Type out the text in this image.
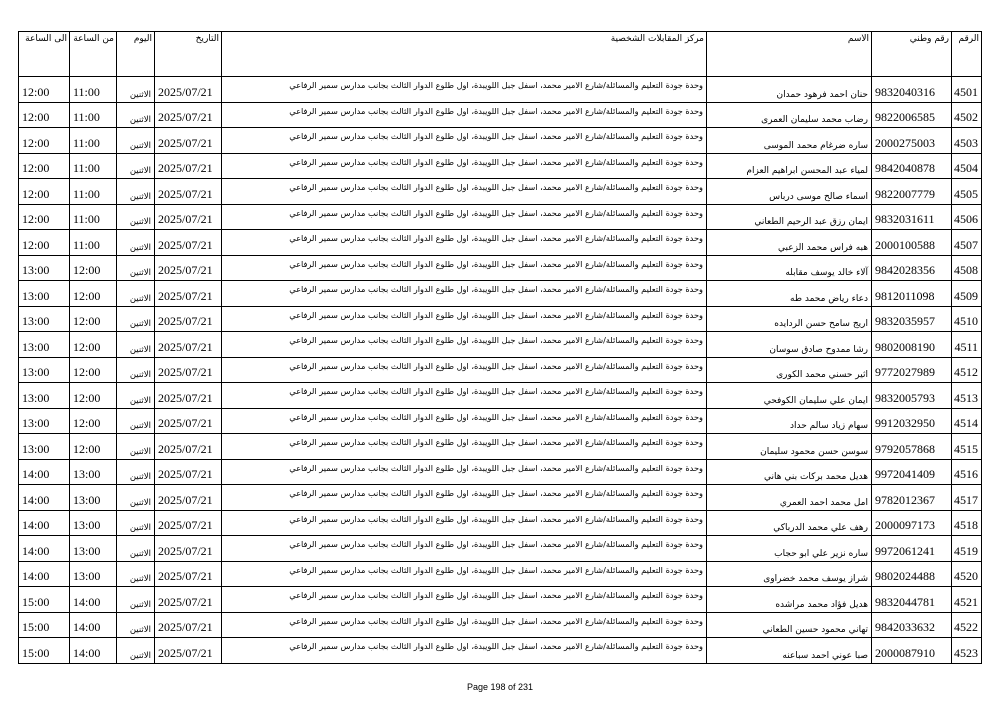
الرقم	رقم وطني	الاسم	مركز المقابلات الشخصية	التاريخ	اليوم	من الساعة	الى الساعة
4501	9832040316	حنان احمد فرهود حمدان	وحدة جودة التعليم والمسائلة/شارع الامير محمد، اسفل جبل اللويبدة، اول طلوع الدوار الثالث بجانب مدارس سمير الرفاعي	2025/07/21	الاثنين	11:00	12:00
4502	9822006585	رضاب محمد سليمان العمرى	وحدة جودة التعليم والمسائلة/شارع الامير محمد، اسفل جبل اللويبدة، اول طلوع الدوار الثالث بجانب مدارس سمير الرفاعي	2025/07/21	الاثنين	11:00	12:00
4503	2000275003	ساره ضرغام محمد الموسى	وحدة جودة التعليم والمسائلة/شارع الامير محمد، اسفل جبل اللويبدة، اول طلوع الدوار الثالث بجانب مدارس سمير الرفاعي	2025/07/21	الاثنين	11:00	12:00
4504	9842040878	لمياء عبد المحسن ابراهيم العزام	وحدة جودة التعليم والمسائلة/شارع الامير محمد، اسفل جبل اللويبدة، اول طلوع الدوار الثالث بجانب مدارس سمير الرفاعي	2025/07/21	الاثنين	11:00	12:00
4505	9822007779	اسماء صالح موسى درباس	وحدة جودة التعليم والمسائلة/شارع الامير محمد، اسفل جبل اللويبدة، اول طلوع الدوار الثالث بجانب مدارس سمير الرفاعي	2025/07/21	الاثنين	11:00	12:00
4506	9832031611	ايمان رزق عبد الرحيم الطعاني	وحدة جودة التعليم والمسائلة/شارع الامير محمد، اسفل جبل اللويبدة، اول طلوع الدوار الثالث بجانب مدارس سمير الرفاعي	2025/07/21	الاثنين	11:00	12:00
4507	2000100588	هبه فراس محمد الزعبي	وحدة جودة التعليم والمسائلة/شارع الامير محمد، اسفل جبل اللويبدة، اول طلوع الدوار الثالث بجانب مدارس سمير الرفاعي	2025/07/21	الاثنين	11:00	12:00
4508	9842028356	آلاء خالد يوسف مقابله	وحدة جودة التعليم والمسائلة/شارع الامير محمد، اسفل جبل اللويبدة، اول طلوع الدوار الثالث بجانب مدارس سمير الرفاعي	2025/07/21	الاثنين	12:00	13:00
4509	9812011098	دعاء رياض محمد طه	وحدة جودة التعليم والمسائلة/شارع الامير محمد، اسفل جبل اللويبدة، اول طلوع الدوار الثالث بجانب مدارس سمير الرفاعي	2025/07/21	الاثنين	12:00	13:00
4510	9832035957	اريج سامح حسن الردايده	وحدة جودة التعليم والمسائلة/شارع الامير محمد، اسفل جبل اللويبدة، اول طلوع الدوار الثالث بجانب مدارس سمير الرفاعي	2025/07/21	الاثنين	12:00	13:00
4511	9802008190	رشا ممدوح صادق سوسان	وحدة جودة التعليم والمسائلة/شارع الامير محمد، اسفل جبل اللويبدة، اول طلوع الدوار الثالث بجانب مدارس سمير الرفاعي	2025/07/21	الاثنين	12:00	13:00
4512	9772027989	اثير حسني محمد الكورى	وحدة جودة التعليم والمسائلة/شارع الامير محمد، اسفل جبل اللويبدة، اول طلوع الدوار الثالث بجانب مدارس سمير الرفاعي	2025/07/21	الاثنين	12:00	13:00
4513	9832005793	ايمان علي سليمان الكوفحي	وحدة جودة التعليم والمسائلة/شارع الامير محمد، اسفل جبل اللويبدة، اول طلوع الدوار الثالث بجانب مدارس سمير الرفاعي	2025/07/21	الاثنين	12:00	13:00
4514	9912032950	سهام زياد سالم حداد	وحدة جودة التعليم والمسائلة/شارع الامير محمد، اسفل جبل اللويبدة، اول طلوع الدوار الثالث بجانب مدارس سمير الرفاعي	2025/07/21	الاثنين	12:00	13:00
4515	9792057868	سوسن حسن محمود سليمان	وحدة جودة التعليم والمسائلة/شارع الامير محمد، اسفل جبل اللويبدة، اول طلوع الدوار الثالث بجانب مدارس سمير الرفاعي	2025/07/21	الاثنين	12:00	13:00
4516	9972041409	هديل محمد بركات بني هاني	وحدة جودة التعليم والمسائلة/شارع الامير محمد، اسفل جبل اللويبدة، اول طلوع الدوار الثالث بجانب مدارس سمير الرفاعي	2025/07/21	الاثنين	13:00	14:00
4517	9782012367	امل محمد احمد العمري	وحدة جودة التعليم والمسائلة/شارع الامير محمد، اسفل جبل اللويبدة، اول طلوع الدوار الثالث بجانب مدارس سمير الرفاعي	2025/07/21	الاثنين	13:00	14:00
4518	2000097173	رهف علي محمد الدرباكي	وحدة جودة التعليم والمسائلة/شارع الامير محمد، اسفل جبل اللويبدة، اول طلوع الدوار الثالث بجانب مدارس سمير الرفاعي	2025/07/21	الاثنين	13:00	14:00
4519	9972061241	ساره نزير علي ابو حجاب	وحدة جودة التعليم والمسائلة/شارع الامير محمد، اسفل جبل اللويبدة، اول طلوع الدوار الثالث بجانب مدارس سمير الرفاعي	2025/07/21	الاثنين	13:00	14:00
4520	9802024488	شراز يوسف محمد خضراوى	وحدة جودة التعليم والمسائلة/شارع الامير محمد، اسفل جبل اللويبدة، اول طلوع الدوار الثالث بجانب مدارس سمير الرفاعي	2025/07/21	الاثنين	13:00	14:00
4521	9832044781	هديل فؤاد محمد مراشده	وحدة جودة التعليم والمسائلة/شارع الامير محمد، اسفل جبل اللويبدة، اول طلوع الدوار الثالث بجانب مدارس سمير الرفاعي	2025/07/21	الاثنين	14:00	15:00
4522	9842033632	تهاني محمود حسين الطعاني	وحدة جودة التعليم والمسائلة/شارع الامير محمد، اسفل جبل اللويبدة، اول طلوع الدوار الثالث بجانب مدارس سمير الرفاعي	2025/07/21	الاثنين	14:00	15:00
4523	2000087910	صبا عوني احمد سباعنه	وحدة جودة التعليم والمسائلة/شارع الامير محمد، اسفل جبل اللويبدة، اول طلوع الدوار الثالث بجانب مدارس سمير الرفاعي	2025/07/21	الاثنين	14:00	15:00
Page 198 of 231
